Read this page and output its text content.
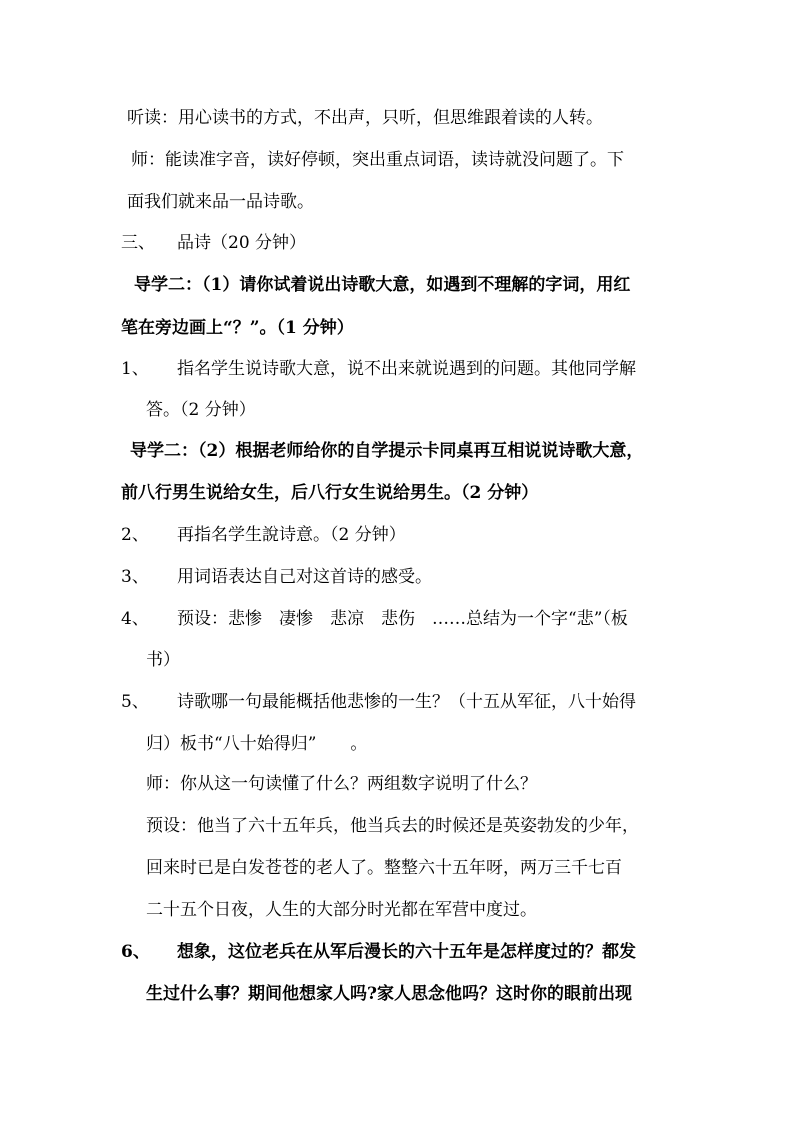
听读：用心读书的方式，不出声，只听，但思维跟着读的人转。
师：能读准字音，读好停顿，突出重点词语，读诗就没问题了。下
面我们就来品一品诗歌。
三、 品诗（20 分钟）
导学二：（1）请你试着说出诗歌大意，如遇到不理解的字词，用红
笔在旁边画上“？”。（1 分钟）
1、 指名学生说诗歌大意，说不出来就说遇到的问题。其他同学解
答。（2 分钟）
导学二：（2）根据老师给你的自学提示卡同桌再互相说说诗歌大意，
前八行男生说给女生，后八行女生说给男生。（2 分钟）
2、 再指名学生說诗意。（2 分钟）
3、 用词语表达自己对这首诗的感受。
4、 预设：悲惨　凄惨　悲凉　悲伤　……总结为一个字“悲”（板
书）
5、 诗歌哪一句最能概括他悲惨的一生？（十五从军征，八十始得
归）板书“八十始得归”　　。
师：你从这一句读懂了什么？两组数字说明了什么？
预设：他当了六十五年兵，他当兵去的时候还是英姿勃发的少年，
回来时已是白发苍苍的老人了。整整六十五年呀，两万三千七百
二十五个日夜，人生的大部分时光都在军营中度过。
6、 想象，这位老兵在从军后漫长的六十五年是怎样度过的？都发
生过什么事？期间他想家人吗?家人思念他吗？这时你的眼前出现
